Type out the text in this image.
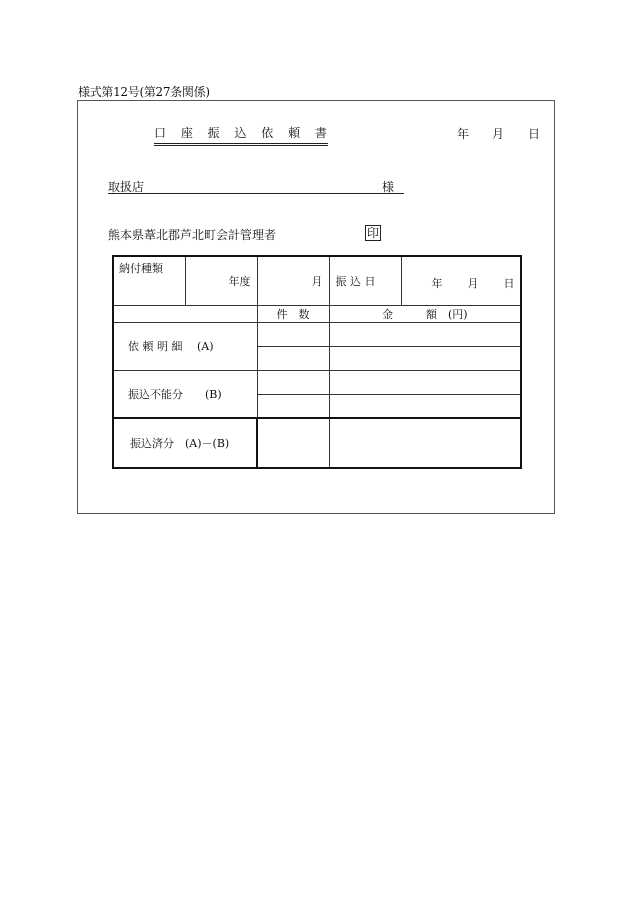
様式第12号(第27条関係)
口 座 振 込 依 頼 書	年 月 日
取扱店	様
熊本県葦北郡芦北町会計管理者	印
納付種類	年度	月	振 込 日	年 月 日

		件　数	金　　　額　(円)	
依 頼 明 細　 (A)				

振込不能分　　(B)				

振込済分　(A)－(B)				
